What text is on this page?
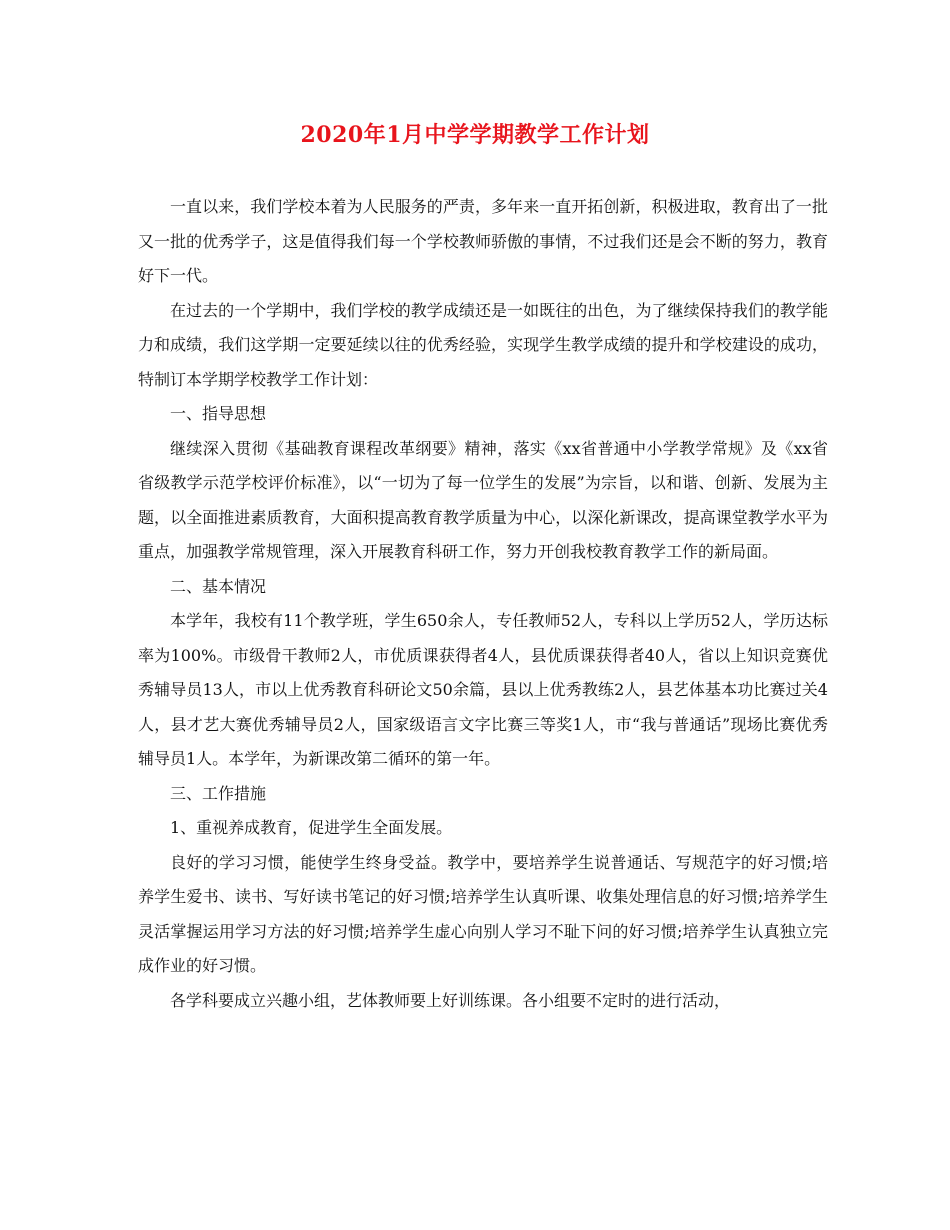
2020年1月中学学期教学工作计划

一直以来，我们学校本着为人民服务的严责，多年来一直开拓创新，积极进取，教育出了一批又一批的优秀学子，这是值得我们每一个学校教师骄傲的事情，不过我们还是会不断的努力，教育好下一代。

在过去的一个学期中，我们学校的教学成绩还是一如既往的出色，为了继续保持我们的教学能力和成绩，我们这学期一定要延续以往的优秀经验，实现学生教学成绩的提升和学校建设的成功，特制订本学期学校教学工作计划：

一、指导思想

继续深入贯彻《基础教育课程改革纲要》精神，落实《xx省普通中小学教学常规》及《xx省省级教学示范学校评价标准》，以“一切为了每一位学生的发展”为宗旨，以和谐、创新、发展为主题，以全面推进素质教育，大面积提高教育教学质量为中心，以深化新课改，提高课堂教学水平为重点，加强教学常规管理，深入开展教育科研工作，努力开创我校教育教学工作的新局面。

二、基本情况

本学年，我校有11个教学班，学生650余人，专任教师52人，专科以上学历52人，学历达标率为100%。市级骨干教师2人，市优质课获得者4人，县优质课获得者40人，省以上知识竞赛优秀辅导员13人，市以上优秀教育科研论文50余篇，县以上优秀教练2人，县艺体基本功比赛过关4人，县才艺大赛优秀辅导员2人，国家级语言文字比赛三等奖1人，市“我与普通话”现场比赛优秀辅导员1人。本学年，为新课改第二循环的第一年。

三、工作措施

1、重视养成教育，促进学生全面发展。

良好的学习习惯，能使学生终身受益。教学中，要培养学生说普通话、写规范字的好习惯;培养学生爱书、读书、写好读书笔记的好习惯;培养学生认真听课、收集处理信息的好习惯;培养学生灵活掌握运用学习方法的好习惯;培养学生虚心向别人学习不耻下问的好习惯;培养学生认真独立完成作业的好习惯。

各学科要成立兴趣小组，艺体教师要上好训练课。各小组要不定时的进行活动，
